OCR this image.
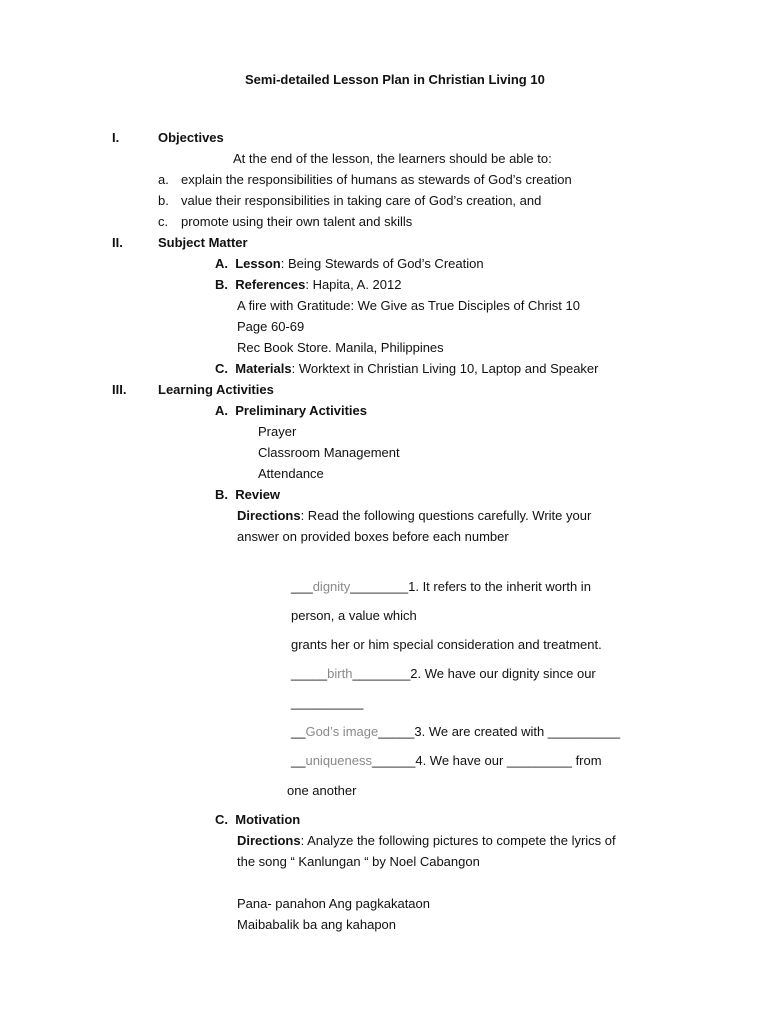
Semi-detailed Lesson Plan in Christian Living 10
I.	Objectives
At the end of the lesson, the learners should be able to:
a. explain the responsibilities of humans as stewards of God’s creation
b. value their responsibilities in taking care of God’s creation, and
c. promote using their own talent and skills
II.	Subject Matter
A. Lesson: Being Stewards of God’s Creation
B. References: Hapita, A. 2012
A fire with Gratitude: We Give as True Disciples of Christ 10
Page 60-69
Rec Book Store. Manila, Philippines
C. Materials: Worktext in Christian Living 10, Laptop and Speaker
III. Learning Activities
A. Preliminary Activities
Prayer
Classroom Management
Attendance
B. Review
Directions: Read the following questions carefully. Write your
answer on provided boxes before each number
___dignity________1. It refers to the inherit worth in
person, a value which
grants her or him special consideration and treatment.
_____birth________2. We have our dignity since our
__________
__God’s image_____3. We are created with __________
__uniqueness______4. We have our _________ from
one another
C. Motivation
Directions: Analyze the following pictures to compete the lyrics of
the song “ Kanlungan “ by Noel Cabangon
Pana- panahon Ang pagkakataon
Maibabalik ba ang kahapon
